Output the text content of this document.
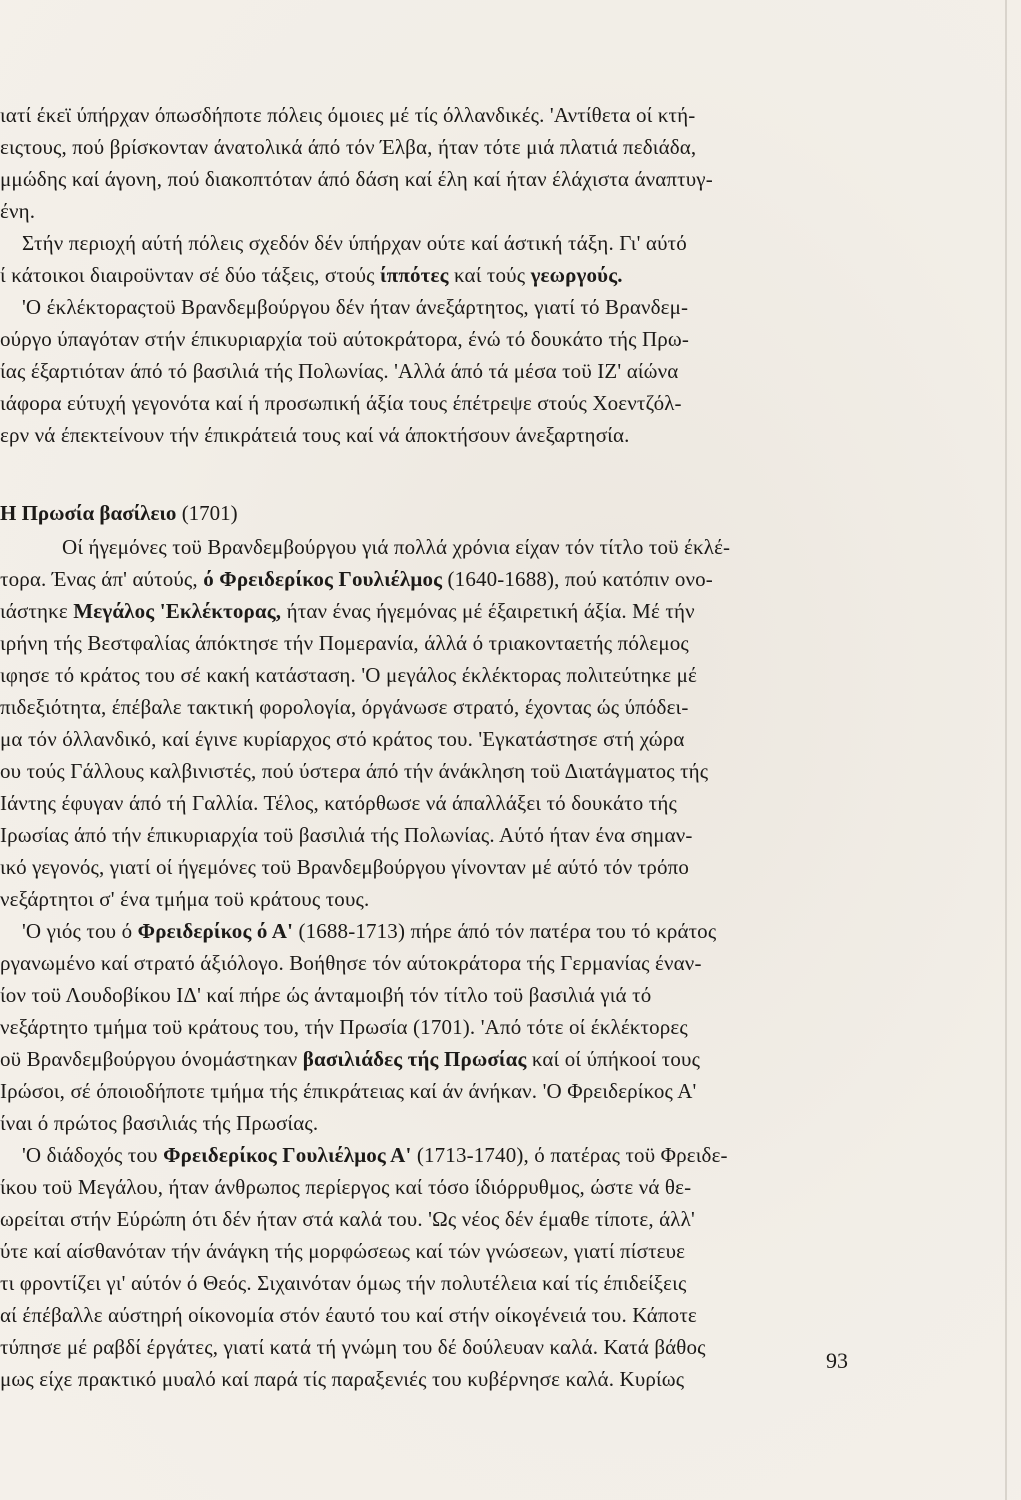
ιατί έκεϊ ύπήρχαν όπωσδήποτε πόλεις όμοιες μέ τίς όλλανδικές. 'Αντίθετα οί κτή-
ειςτους, πού βρίσκονταν άνατολικά άπό τόν Έλβα, ήταν τότε μιά πλατιά πεδιάδα,
μμώδης καί άγονη, πού διακοπτόταν άπό δάση καί έλη καί ήταν έλάχιστα άναπτυγ-
ένη.
Στήν περιοχή αύτή πόλεις σχεδόν δέν ύπήρχαν ούτε καί άστική τάξη. Γι' αύτό
ί κάτοικοι διαιροϋνταν σέ δύο τάξεις, στούς ίππότες καί τούς γεωργούς.
'Ο έκλέκτοραςτοϋ Βρανδεμβούργου δέν ήταν άνεξάρτητος, γιατί τό Βρανδεμ-
ούργο ύπαγόταν στήν έπικυριαρχία τοϋ αύτοκράτορα, ένώ τό δουκάτο τής Πρω-
ίας έξαρτιόταν άπό τό βασιλιά τής Πολωνίας. 'Αλλά άπό τά μέσα τοϋ ΙΖ' αίώνα
ιάφορα εύτυχή γεγονότα καί ή προσωπική άξία τους έπέτρεψε στούς Χοεντζόλ-
ερν νά έπεκτείνουν τήν έπικράτειά τους καί νά άποκτήσουν άνεξαρτησία.
Η Πρωσία βασίλειο (1701)
Οί ήγεμόνες τοϋ Βρανδεμβούργου γιά πολλά χρόνια είχαν τόν τίτλο τοϋ έκλέ-
τορα. Ένας άπ' αύτούς, ό Φρειδερίκος Γουλιέλμος (1640-1688), πού κατόπιν ονο-
ιάστηκε Μεγάλος 'Εκλέκτορας, ήταν ένας ήγεμόνας μέ έξαιρετική άξία. Μέ τήν
ιρήνη τής Βεστφαλίας άπόκτησε τήν Πομερανία, άλλά ό τριακονταετής πόλεμος
ιφησε τό κράτος του σέ κακή κατάσταση. 'Ο μεγάλος έκλέκτορας πολιτεύτηκε μέ
πιδεξιότητα, έπέβαλε τακτική φορολογία, όργάνωσε στρατό, έχοντας ώς ύπόδει-
μα τόν όλλανδικό, καί έγινε κυρίαρχος στό κράτος του. 'Εγκατάστησε στή χώρα
ου τούς Γάλλους καλβινιστές, πού ύστερα άπό τήν άνάκληση τοϋ Διατάγματος τής
Ιάντης έφυγαν άπό τή Γαλλία. Τέλος, κατόρθωσε νά άπαλλάξει τό δουκάτο τής
Ιρωσίας άπό τήν έπικυριαρχία τοϋ βασιλιά τής Πολωνίας. Αύτό ήταν ένα σημαν-
ικό γεγονός, γιατί οί ήγεμόνες τοϋ Βρανδεμβούργου γίνονταν μέ αύτό τόν τρόπο
νεξάρτητοι σ' ένα τμήμα τοϋ κράτους τους.
'Ο γιός του ό Φρειδερίκος ό Α' (1688-1713) πήρε άπό τόν πατέρα του τό κράτος
ργανωμένο καί στρατό άξιόλογο. Βοήθησε τόν αύτοκράτορα τής Γερμανίας έναν-
ίον τοϋ Λουδοβίκου ΙΔ' καί πήρε ώς άνταμοιβή τόν τίτλο τοϋ βασιλιά γιά τό
νεξάρτητο τμήμα τοϋ κράτους του, τήν Πρωσία (1701). 'Από τότε οί έκλέκτορες
οϋ Βρανδεμβούργου όνομάστηκαν βασιλιάδες τής Πρωσίας καί οί ύπήκοοί τους
Ιρώσοι, σέ όποιοδήποτε τμήμα τής έπικράτειας καί άν άνήκαν. 'Ο Φρειδερίκος Α'
ίναι ό πρώτος βασιλιάς τής Πρωσίας.
'Ο διάδοχός του Φρειδερίκος Γουλιέλμος Α' (1713-1740), ό πατέρας τοϋ Φρειδε-
ίκου τοϋ Μεγάλου, ήταν άνθρωπος περίεργος καί τόσο ίδιόρρυθμος, ώστε νά θε-
ωρείται στήν Εύρώπη ότι δέν ήταν στά καλά του. 'Ως νέος δέν έμαθε τίποτε, άλλ'
ύτε καί αίσθανόταν τήν άνάγκη τής μορφώσεως καί τών γνώσεων, γιατί πίστευε
τι φροντίζει γι' αύτόν ό Θεός. Σιχαινόταν όμως τήν πολυτέλεια καί τίς έπιδείξεις
αί έπέβαλλε αύστηρή οίκονομία στόν έαυτό του καί στήν οίκογένειά του. Κάποτε
τύπησε μέ ραβδί έργάτες, γιατί κατά τή γνώμη του δέ δούλευαν καλά. Κατά βάθος
μως είχε πρακτικό μυαλό καί παρά τίς παραξενιές του κυβέρνησε καλά. Κυρίως
93
